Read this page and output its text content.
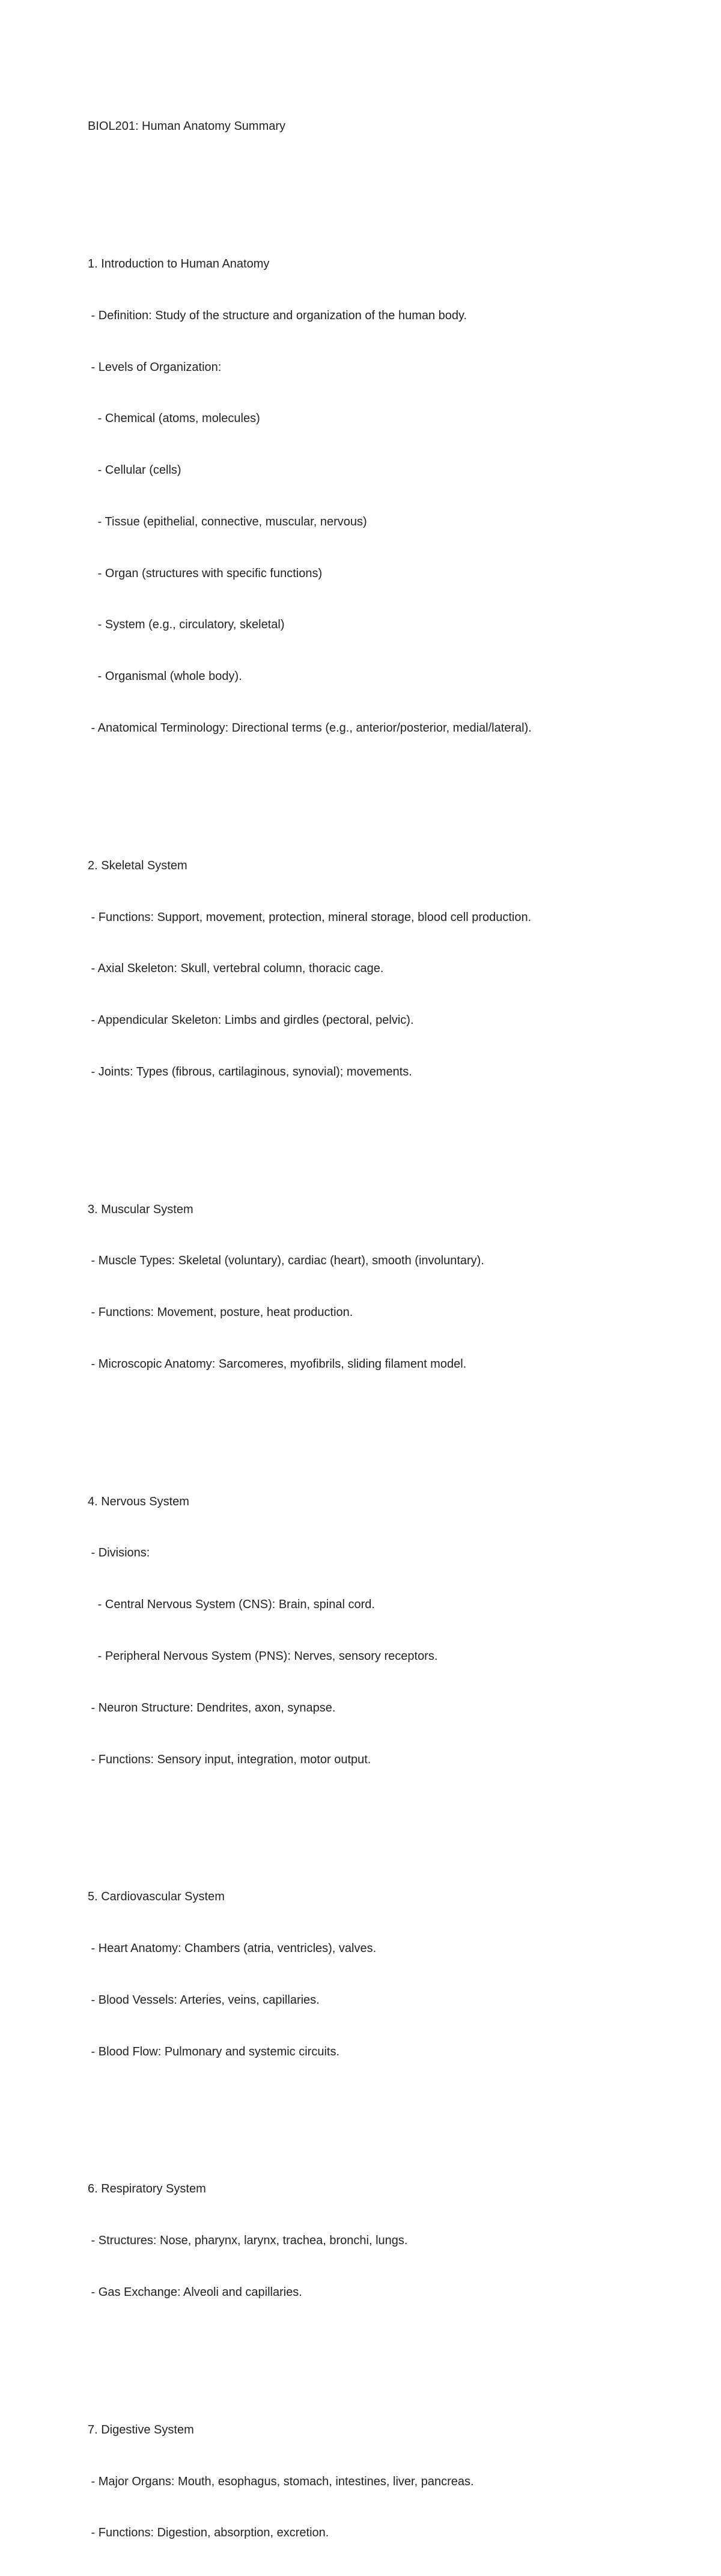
BIOL201: Human Anatomy Summary

1. Introduction to Human Anatomy

- Definition: Study of the structure and organization of the human body.

- Levels of Organization:

- Chemical (atoms, molecules)

- Cellular (cells)

- Tissue (epithelial, connective, muscular, nervous)

- Organ (structures with specific functions)

- System (e.g., circulatory, skeletal)

- Organismal (whole body).

- Anatomical Terminology: Directional terms (e.g., anterior/posterior, medial/lateral).

2. Skeletal System

- Functions: Support, movement, protection, mineral storage, blood cell production.

- Axial Skeleton: Skull, vertebral column, thoracic cage.

- Appendicular Skeleton: Limbs and girdles (pectoral, pelvic).

- Joints: Types (fibrous, cartilaginous, synovial); movements.

3. Muscular System

- Muscle Types: Skeletal (voluntary), cardiac (heart), smooth (involuntary).

- Functions: Movement, posture, heat production.

- Microscopic Anatomy: Sarcomeres, myofibrils, sliding filament model.

4. Nervous System

- Divisions:

- Central Nervous System (CNS): Brain, spinal cord.

- Peripheral Nervous System (PNS): Nerves, sensory receptors.

- Neuron Structure: Dendrites, axon, synapse.

- Functions: Sensory input, integration, motor output.

5. Cardiovascular System

- Heart Anatomy: Chambers (atria, ventricles), valves.

- Blood Vessels: Arteries, veins, capillaries.

- Blood Flow: Pulmonary and systemic circuits.

6. Respiratory System

- Structures: Nose, pharynx, larynx, trachea, bronchi, lungs.

- Gas Exchange: Alveoli and capillaries.

7. Digestive System

- Major Organs: Mouth, esophagus, stomach, intestines, liver, pancreas.

- Functions: Digestion, absorption, excretion.
